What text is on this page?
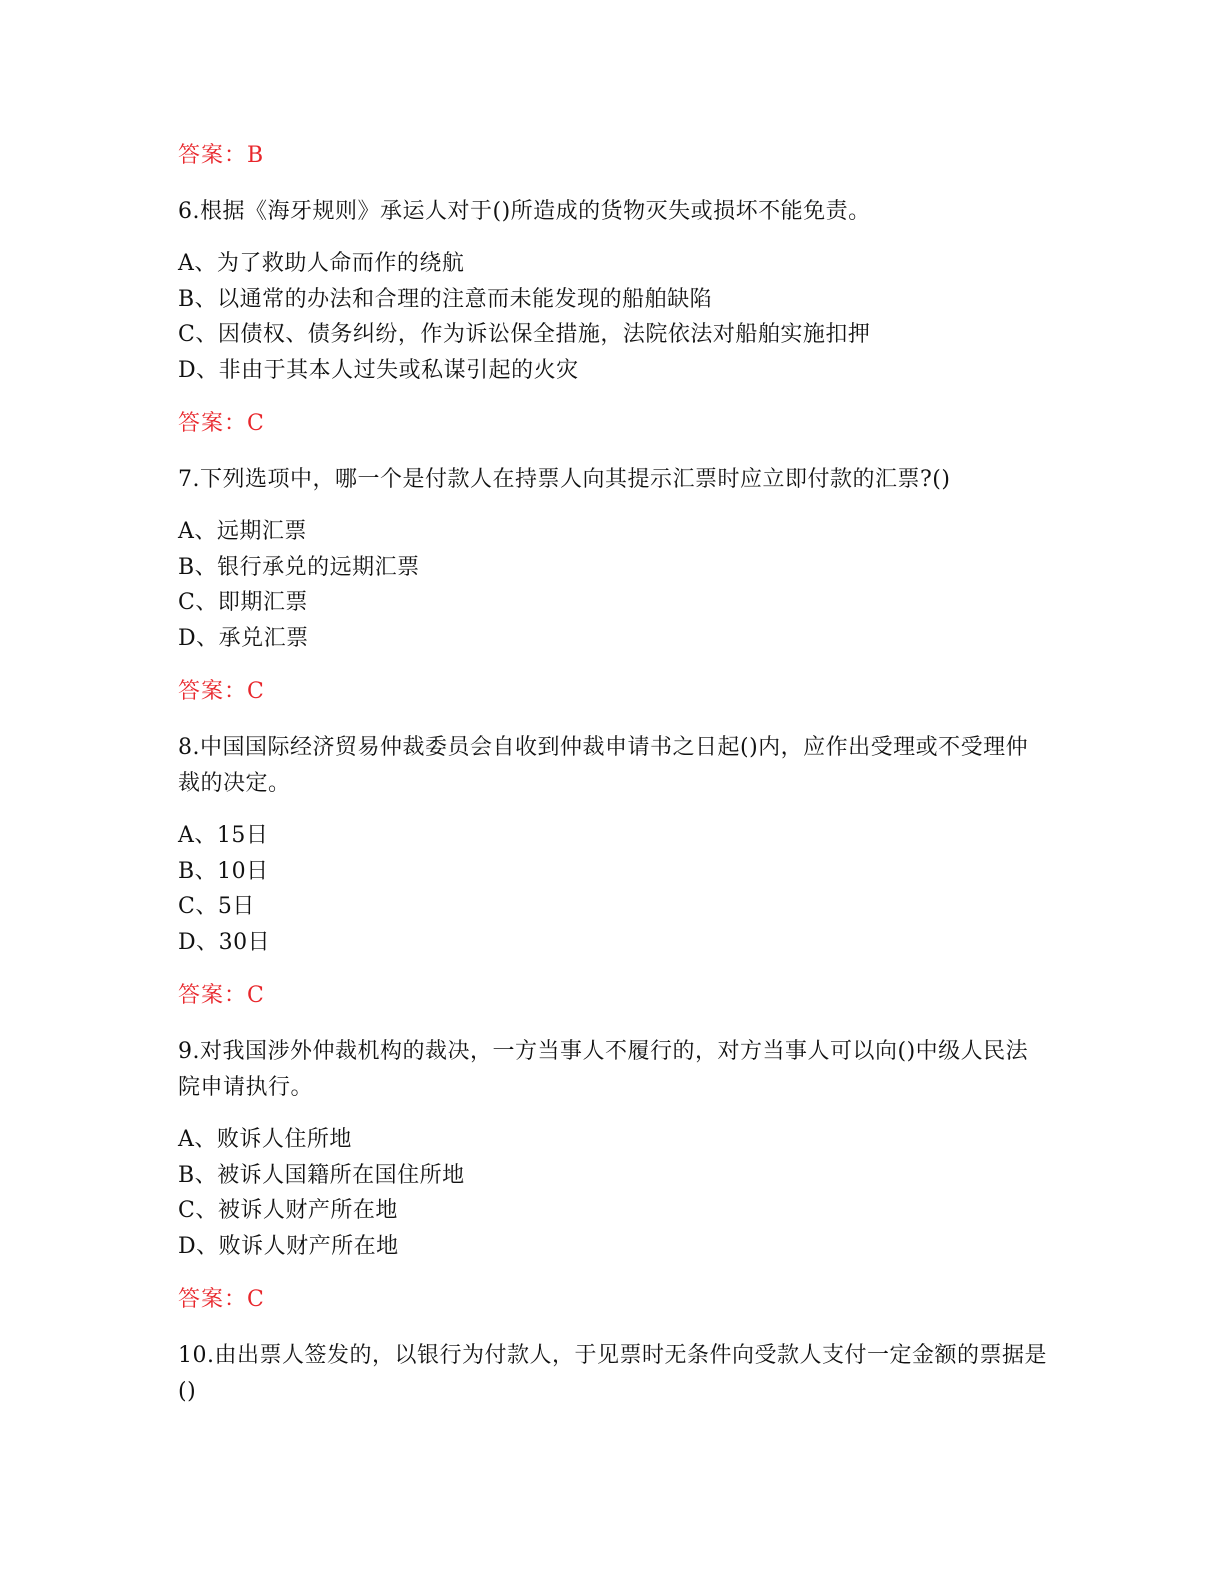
答案：B

6.根据《海牙规则》承运人对于()所造成的货物灭失或损坏不能免责。

A、为了救助人命而作的绕航
B、以通常的办法和合理的注意而未能发现的船舶缺陷
C、因债权、债务纠纷，作为诉讼保全措施，法院依法对船舶实施扣押
D、非由于其本人过失或私谋引起的火灾

答案：C

7.下列选项中，哪一个是付款人在持票人向其提示汇票时应立即付款的汇票?()

A、远期汇票
B、银行承兑的远期汇票
C、即期汇票
D、承兑汇票

答案：C

8.中国国际经济贸易仲裁委员会自收到仲裁申请书之日起()内，应作出受理或不受理仲裁的决定。

A、15日
B、10日
C、5日
D、30日

答案：C

9.对我国涉外仲裁机构的裁决，一方当事人不履行的，对方当事人可以向()中级人民法院申请执行。

A、败诉人住所地
B、被诉人国籍所在国住所地
C、被诉人财产所在地
D、败诉人财产所在地

答案：C

10.由出票人签发的，以银行为付款人，于见票时无条件向受款人支付一定金额的票据是()
